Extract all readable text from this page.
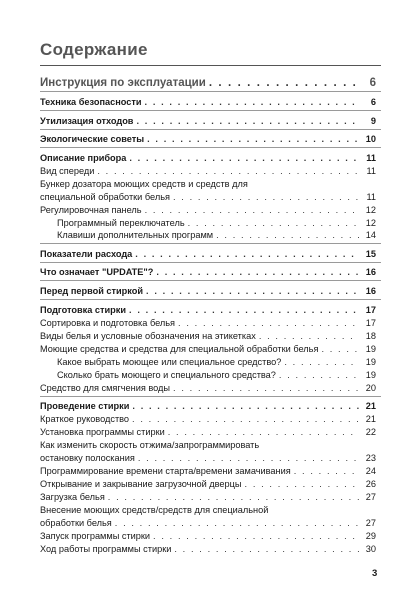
Содержание
Инструкция по эксплуатации . . .	6
Техника безопасности . . .	6
Утилизация отходов . . .	9
Экологические советы . . .	10
Описание прибора . . .	11
Вид спереди . . .	11
Бункер дозатора моющих средств и средств для
специальной обработки белья . . .	11
Регулировочная панель . . .	12
Программный переключатель . . .	12
Клавиши дополнительных программ . . .	14
Показатели расхода . . .	15
Что означает "UPDATE"? . . .	16
Перед первой стиркой . . .	16
Подготовка стирки . . .	17
Сортировка и подготовка белья . . .	17
Виды белья и условные обозначения на этикетках . . .	18
Моющие средства и средства для специальной обработки белья . . .	19
Какое выбрать моющее или специальное средство? . . .	19
Сколько брать моющего и специального средства? . . .	19
Средство для смягчения воды . . .	20
Проведение стирки . . .	21
Краткое руководство . . .	21
Установка программы стирки . . .	22
Как изменить скорость отжима/запрограммировать
остановку полоскания . . .	23
Программирование времени старта/времени замачивания . . .	24
Открывание и закрывание загрузочной дверцы . . .	26
Загрузка белья . . .	27
Внесение моющих средств/средств для специальной
обработки белья . . .	27
Запуск программы стирки . . .	29
Ход работы программы стирки . . .	30
3
